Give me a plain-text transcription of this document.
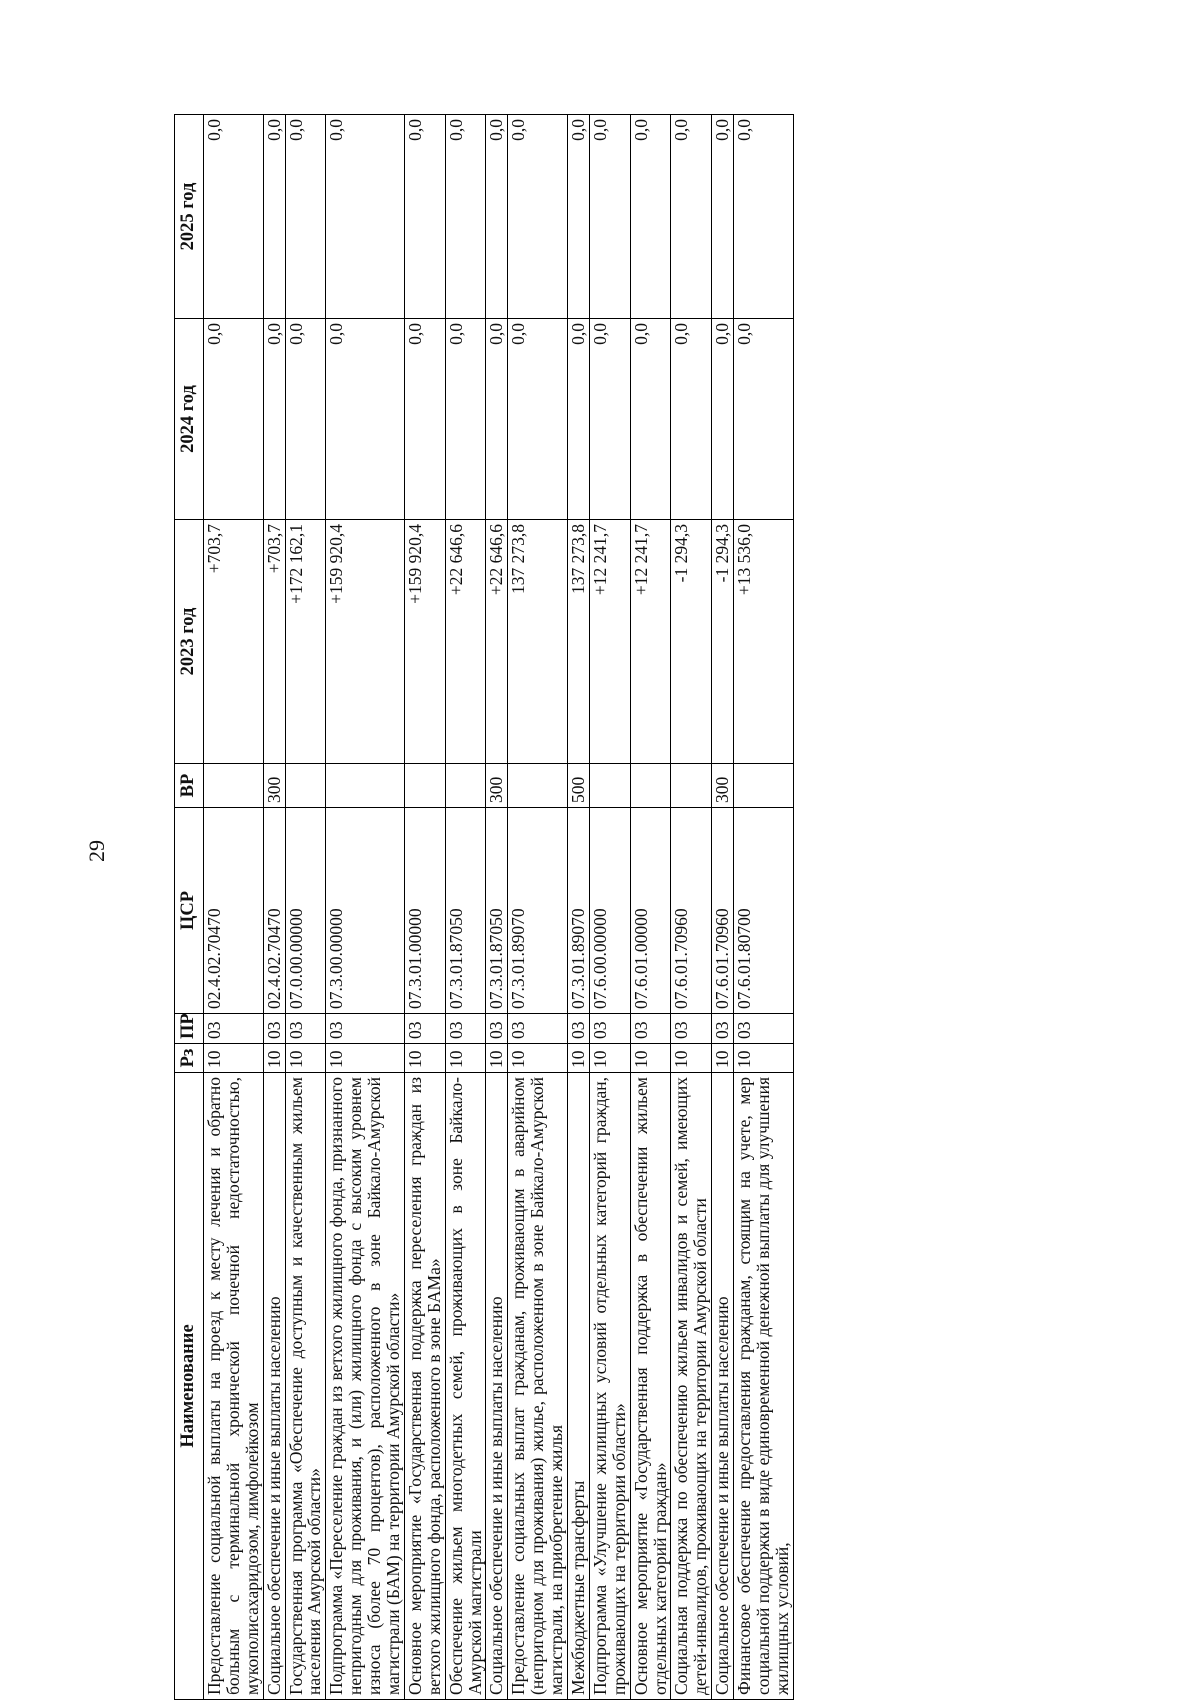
29
Наименование	Рз	ПР	ЦСР	ВР	2023 год	2024 год	2025 год
Предоставление социальной выплаты на проезд к месту лечения и обратно больным с терминальной хронической почечной недостаточностью, мукополисахаридозом, лимфолейкозом	10	03	02.4.02.70470		+703,7	0,0	0,0
Социальное обеспечение и иные выплаты населению	10	03	02.4.02.70470	300	+703,7	0,0	0,0
Государственная программа «Обеспечение доступным и качественным жильем населения Амурской области»	10	03	07.0.00.00000		+172 162,1	0,0	0,0
Подпрограмма «Переселение граждан из ветхого жилищного фонда, признанного непригодным для проживания, и (или) жилищного фонда с высоким уровнем износа (более 70 процентов), расположенного в зоне Байкало-Амурской магистрали (БАМ) на территории Амурской области»	10	03	07.3.00.00000		+159 920,4	0,0	0,0
Основное мероприятие «Государственная поддержка переселения граждан из ветхого жилищного фонда, расположенного в зоне БАМа»	10	03	07.3.01.00000		+159 920,4	0,0	0,0
Обеспечение жильем многодетных семей, проживающих в зоне Байкало-Амурской магистрали	10	03	07.3.01.87050		+22 646,6	0,0	0,0
Социальное обеспечение и иные выплаты населению	10	03	07.3.01.87050	300	+22 646,6	0,0	0,0
Предоставление социальных выплат гражданам, проживающим в аварийном (непригодном для проживания) жилье, расположенном в зоне Байкало-Амурской магистрали, на приобретение жилья	10	03	07.3.01.89070		137 273,8	0,0	0,0
Межбюджетные трансферты	10	03	07.3.01.89070	500	137 273,8	0,0	0,0
Подпрограмма «Улучшение жилищных условий отдельных категорий граждан, проживающих на территории области»	10	03	07.6.00.00000		+12 241,7	0,0	0,0
Основное мероприятие «Государственная поддержка в обеспечении жильем отдельных категорий граждан»	10	03	07.6.01.00000		+12 241,7	0,0	0,0
Социальная поддержка по обеспечению жильем инвалидов и семей, имеющих детей-инвалидов, проживающих на территории Амурской области	10	03	07.6.01.70960		-1 294,3	0,0	0,0
Социальное обеспечение и иные выплаты населению	10	03	07.6.01.70960	300	-1 294,3	0,0	0,0
Финансовое обеспечение предоставления гражданам, стоящим на учете, мер социальной поддержки в виде единовременной денежной выплаты для улучшения жилищных условий,	10	03	07.6.01.80700		+13 536,0	0,0	0,0
